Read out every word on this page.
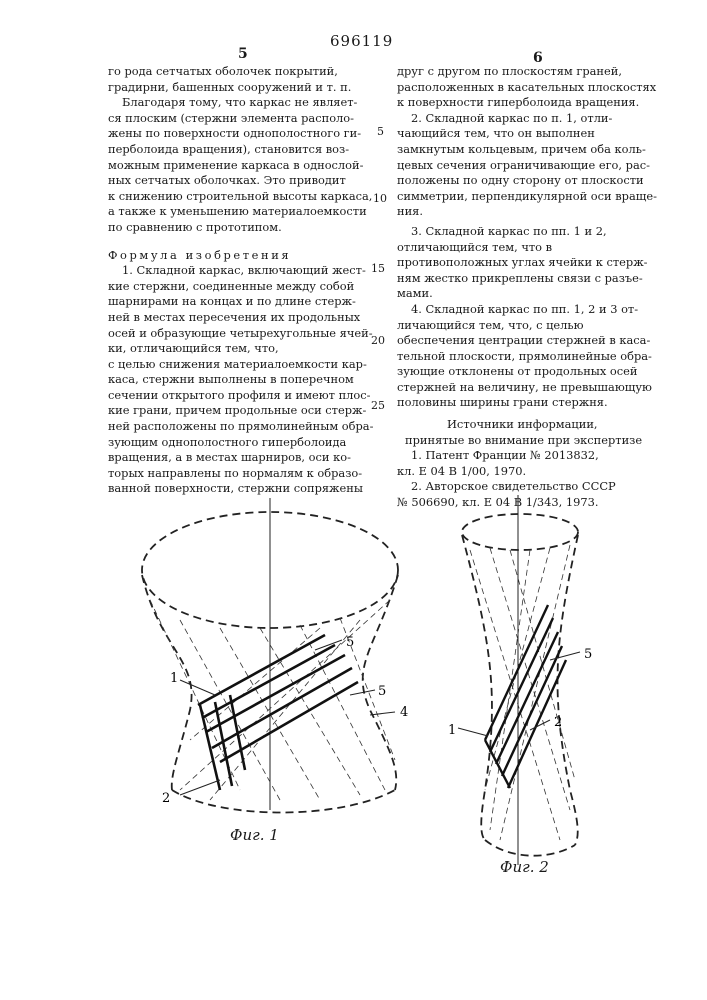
5
696119
6
го рода сетчатых оболочек покрытий,
градирни, башенных сооружений и т. п.
Благодаря тому, что каркас не являет-
ся плоским (стержни элемента располо-
жены по поверхности однополостного ги-
перболоида вращения), становится воз-
можным применение каркаса в однослой-
ных сетчатых оболочках. Это приводит
к снижению строительной высоты каркаса,
а также к уменьшению материалоемкости
по сравнению с прототипом.
Формула изобретения
1. Складной каркас, включающий жест-
кие стержни, соединенные между собой
шарнирами на концах и по длине стерж-
ней в местах пересечения их продольных
осей и образующие четырехугольные ячей-
ки, отличающийся тем, что,
с целью снижения материалоемкости кар-
каса, стержни выполнены в поперечном
сечении открытого профиля и имеют плос-
кие грани, причем продольные оси стерж-
ней расположены по прямолинейным обра-
зующим однополостного гиперболоида
вращения, а в местах шарниров, оси ко-
торых направлены по нормалям к образо-
ванной поверхности, стержни сопряжены
5
10
15
20
25
друг с другом по плоскостям граней,
расположенных в касательных плоскостях
к поверхности гиперболоида вращения.
2. Складной каркас по п. 1, отли-
чающийся тем, что он выполнен
замкнутым кольцевым, причем оба коль-
цевых сечения ограничивающие его, рас-
положены по одну сторону от плоскости
симметрии, перпендикулярной оси враще-
ния.
3. Складной каркас по пп. 1 и 2,
отличающийся тем, что в
противоположных углах ячейки к стерж-
ням жестко прикреплены связи с разъе-
мами.
4. Складной каркас по пп. 1, 2 и 3 от-
личающийся тем, что, с целью
обеспечения центрации стержней в каса-
тельной плоскости, прямолинейные обра-
зующие отклонены от продольных осей
стержней на величину, не превышающую
половины ширины грани стержня.
Источники информации,
принятые во внимание при экспертизе
1. Патент Франции № 2013832,
кл. Е 04 В 1/00, 1970.
2. Авторское свидетельство СССР
№ 506690, кл. Е 04 В 1/343, 1973.
1
2
4
5
5
Фиг. 1
1
2
5
Фиг. 2
